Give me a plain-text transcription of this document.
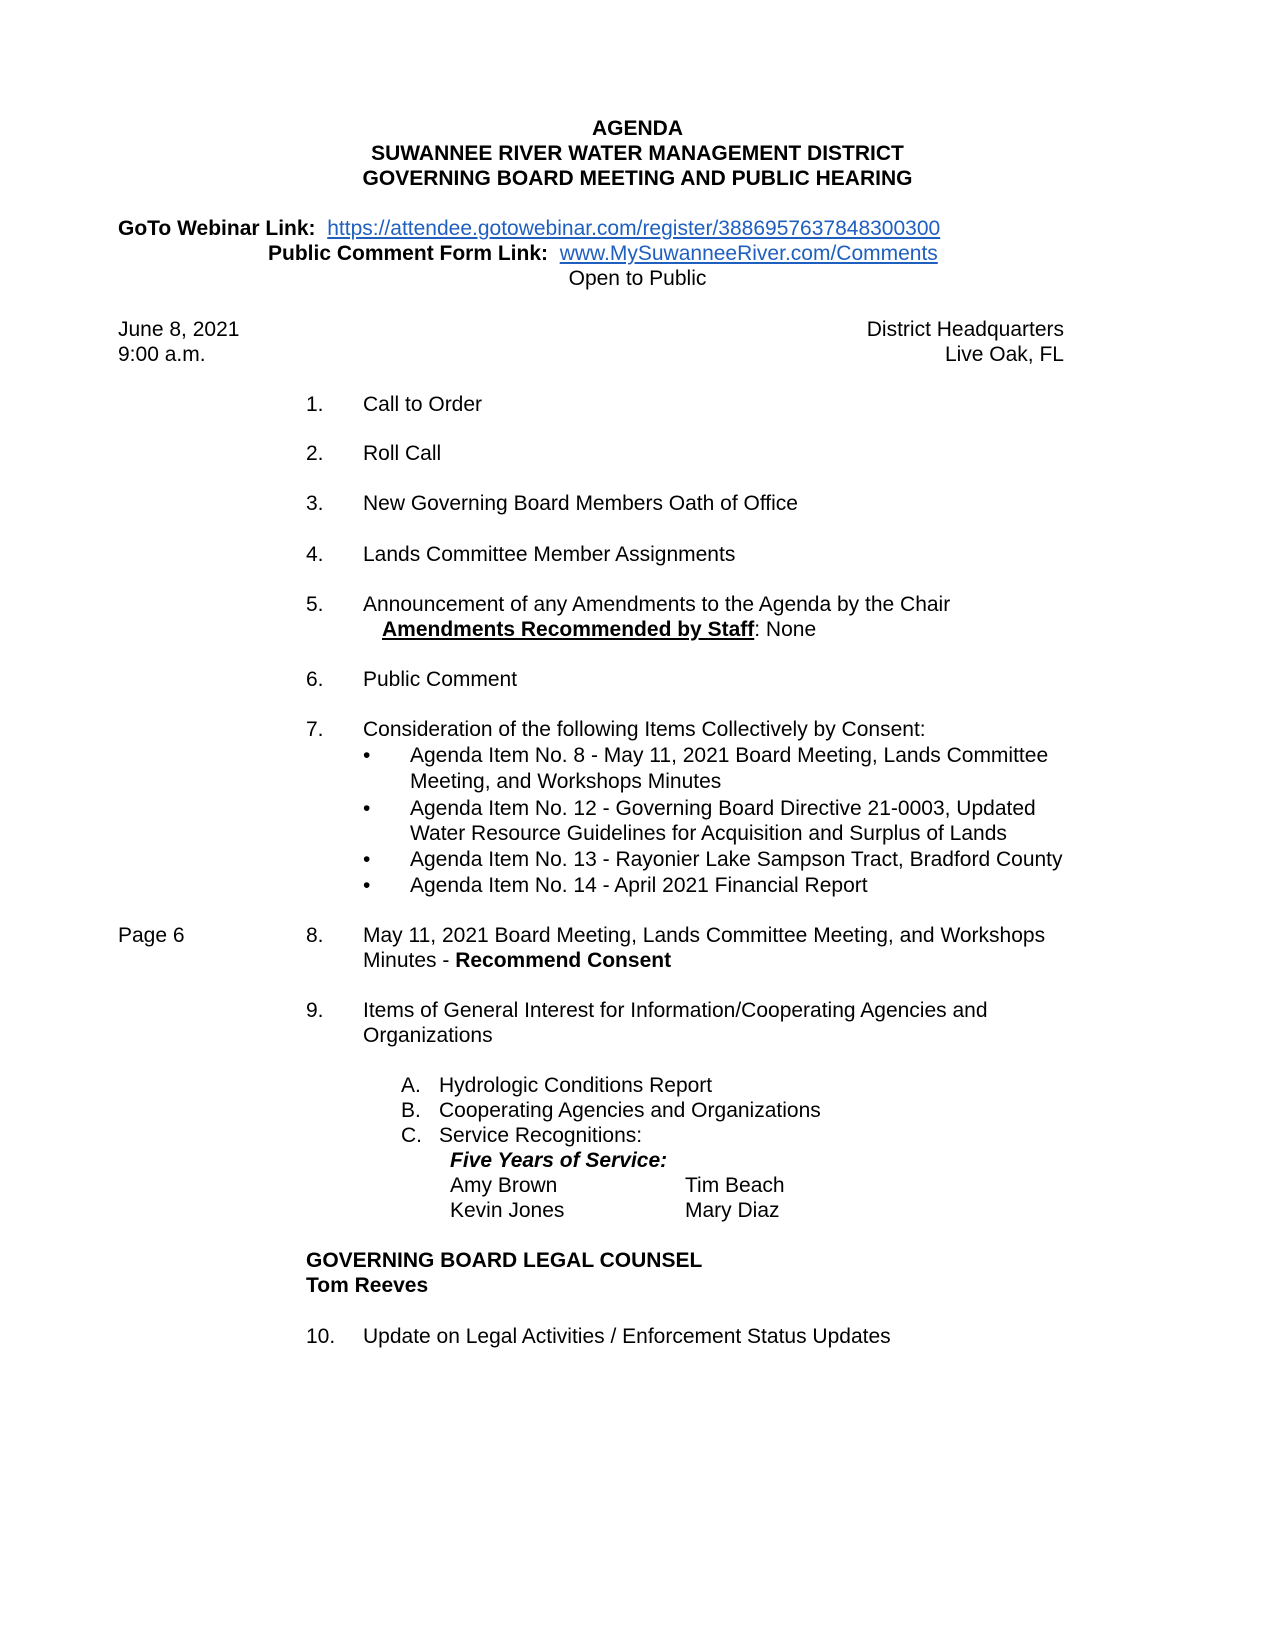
AGENDA
SUWANNEE RIVER WATER MANAGEMENT DISTRICT
GOVERNING BOARD MEETING AND PUBLIC HEARING
GoTo Webinar Link: https://attendee.gotowebinar.com/register/3886957637848300300
Public Comment Form Link: www.MySuwanneeRiver.com/Comments
Open to Public
June 8, 2021
9:00 a.m.
District Headquarters
Live Oak, FL
1. Call to Order
2. Roll Call
3. New Governing Board Members Oath of Office
4. Lands Committee Member Assignments
5. Announcement of any Amendments to the Agenda by the Chair
Amendments Recommended by Staff: None
6. Public Comment
7. Consideration of the following Items Collectively by Consent:
• Agenda Item No. 8 - May 11, 2021 Board Meeting, Lands Committee
Meeting, and Workshops Minutes
• Agenda Item No. 12 - Governing Board Directive 21-0003, Updated
Water Resource Guidelines for Acquisition and Surplus of Lands
• Agenda Item No. 13 - Rayonier Lake Sampson Tract, Bradford County
• Agenda Item No. 14 - April 2021 Financial Report
Page 6	8. May 11, 2021 Board Meeting, Lands Committee Meeting, and Workshops
Minutes - Recommend Consent
9. Items of General Interest for Information/Cooperating Agencies and
Organizations
A. Hydrologic Conditions Report
B. Cooperating Agencies and Organizations
C. Service Recognitions:
Five Years of Service:
Amy Brown	Tim Beach
Kevin Jones	Mary Diaz
GOVERNING BOARD LEGAL COUNSEL
Tom Reeves
10. Update on Legal Activities / Enforcement Status Updates
